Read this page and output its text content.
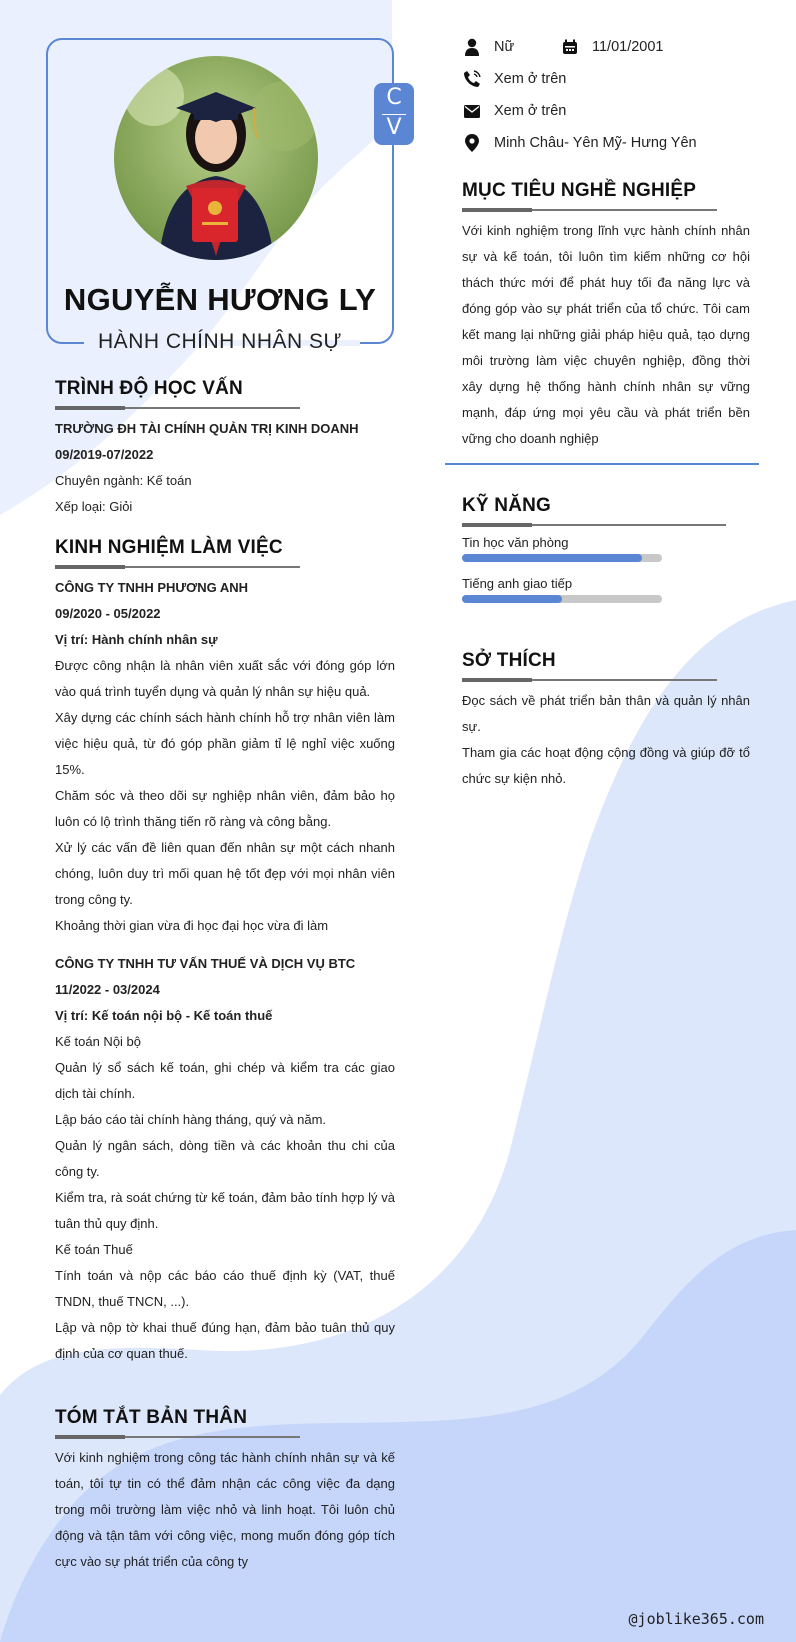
NGUYỄN HƯƠNG LY
HÀNH CHÍNH NHÂN SỰ
C
V
Nữ	11/01/2001
Xem ở trên
Xem ở trên
Minh Châu- Yên Mỹ- Hưng Yên
TRÌNH ĐỘ HỌC VẤN
TRƯỜNG ĐH TÀI CHÍNH QUẢN TRỊ KINH DOANH
09/2019-07/2022
Chuyên ngành: Kế toán
Xếp loại: Giỏi
KINH NGHIỆM LÀM VIỆC
CÔNG TY TNHH PHƯƠNG ANH
09/2020 - 05/2022
Vị trí: Hành chính nhân sự
Được công nhận là nhân viên xuất sắc với đóng góp lớn vào quá trình tuyển dụng và quản lý nhân sự hiệu quả.
Xây dựng các chính sách hành chính hỗ trợ nhân viên làm việc hiệu quả, từ đó góp phần giảm tỉ lệ nghỉ việc xuống 15%.
Chăm sóc và theo dõi sự nghiệp nhân viên, đảm bảo họ luôn có lộ trình thăng tiến rõ ràng và công bằng.
Xử lý các vấn đề liên quan đến nhân sự một cách nhanh chóng, luôn duy trì mối quan hệ tốt đẹp với mọi nhân viên trong công ty.
Khoảng thời gian vừa đi học đại học vừa đi làm
CÔNG TY TNHH TƯ VẤN THUẾ VÀ DỊCH VỤ BTC
11/2022 - 03/2024
Vị trí: Kế toán nội bộ - Kế toán thuế
Kế toán Nội bộ
Quản lý sổ sách kế toán, ghi chép và kiểm tra các giao dịch tài chính.
Lập báo cáo tài chính hàng tháng, quý và năm.
Quản lý ngân sách, dòng tiền và các khoản thu chi của công ty.
Kiểm tra, rà soát chứng từ kế toán, đảm bảo tính hợp lý và tuân thủ quy định.
Kế toán Thuế
Tính toán và nộp các báo cáo thuế định kỳ (VAT, thuế TNDN, thuế TNCN, ...).
Lập và nộp tờ khai thuế đúng hạn, đảm bảo tuân thủ quy định của cơ quan thuế.
TÓM TẮT BẢN THÂN
Với kinh nghiệm trong công tác hành chính nhân sự và kế toán, tôi tự tin có thể đảm nhận các công việc đa dạng trong môi trường làm việc nhỏ và linh hoạt. Tôi luôn chủ động và tận tâm với công việc, mong muốn đóng góp tích cực vào sự phát triển của công ty
MỤC TIÊU NGHỀ NGHIỆP
Với kinh nghiệm trong lĩnh vực hành chính nhân sự và kế toán, tôi luôn tìm kiếm những cơ hội thách thức mới để phát huy tối đa năng lực và đóng góp vào sự phát triển của tổ chức. Tôi cam kết mang lại những giải pháp hiệu quả, tạo dựng môi trường làm việc chuyên nghiệp, đồng thời xây dựng hệ thống hành chính nhân sự vững mạnh, đáp ứng mọi yêu cầu và phát triển bền vững cho doanh nghiệp
KỸ NĂNG
Tin học văn phòng
Tiếng anh giao tiếp
SỞ THÍCH
Đọc sách về phát triển bản thân và quản lý nhân sự.
Tham gia các hoạt động cộng đồng và giúp đỡ tổ chức sự kiện nhỏ.
@joblike365.com
